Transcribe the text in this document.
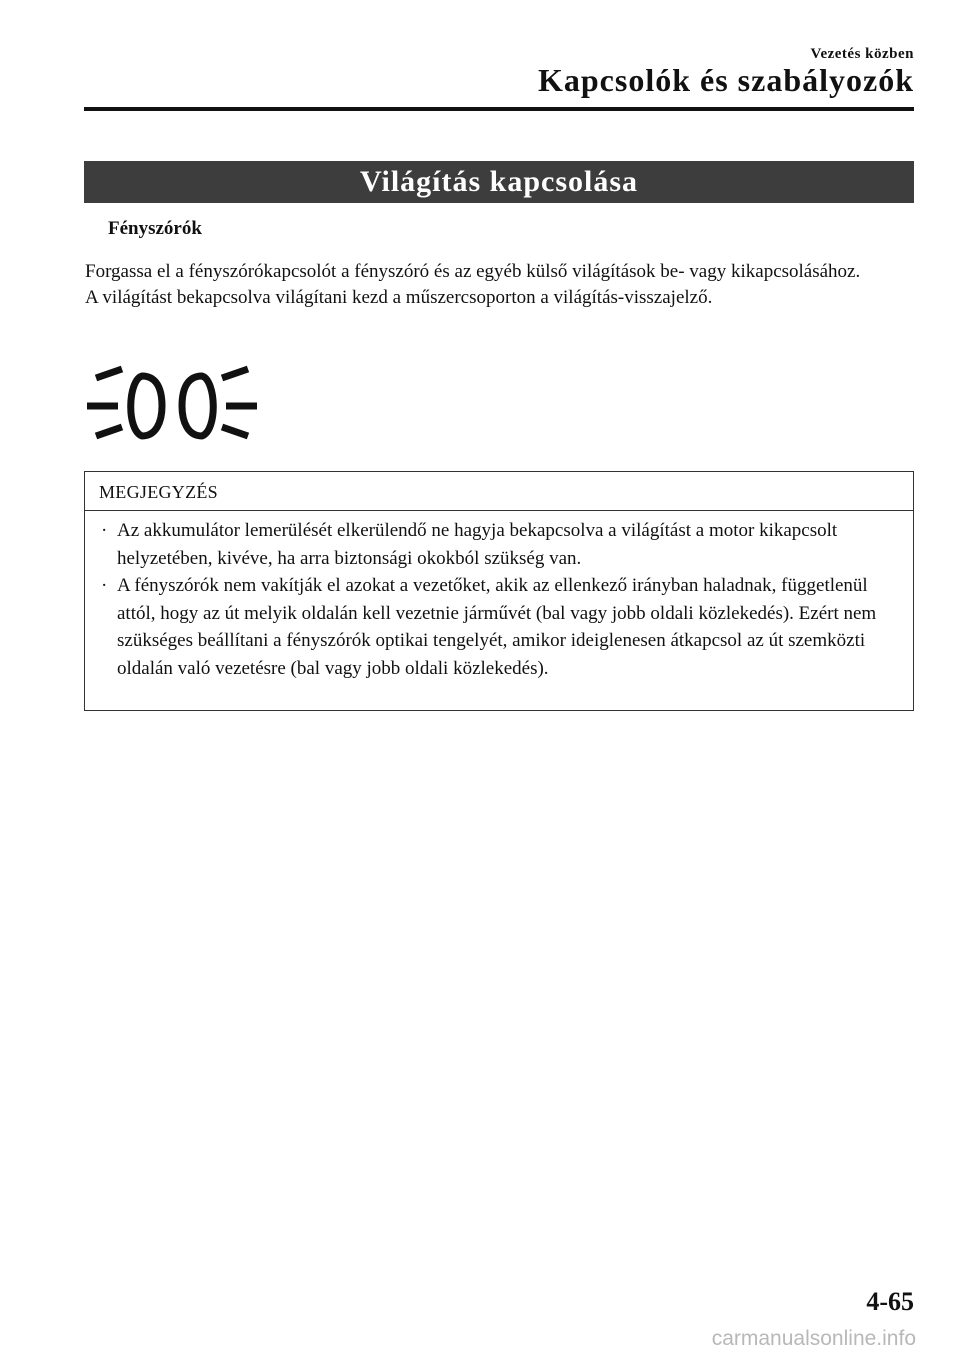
Vezetés közben
Kapcsolók és szabályozók
Világítás kapcsolása
Fényszórók

Forgassa el a fényszórókapcsolót a fényszóró és az egyéb külső világítások be- vagy kikapcsolásához.

A világítást bekapcsolva világítani kezd a műszercsoporton a világítás-visszajelző.

MEGJEGYZÉS
· Az akkumulátor lemerülését elkerülendő ne hagyja bekapcsolva a világítást a motor kikapcsolt helyzetében, kivéve, ha arra biztonsági okokból szükség van.
· A fényszórók nem vakítják el azokat a vezetőket, akik az ellenkező irányban haladnak, függetlenül attól, hogy az út melyik oldalán kell vezetnie járművét (bal vagy jobb oldali közlekedés). Ezért nem szükséges beállítani a fényszórók optikai tengelyét, amikor ideiglenesen átkapcsol az út szemközti oldalán való vezetésre (bal vagy jobb oldali közlekedés).
4-65
carmanualsonline.info
